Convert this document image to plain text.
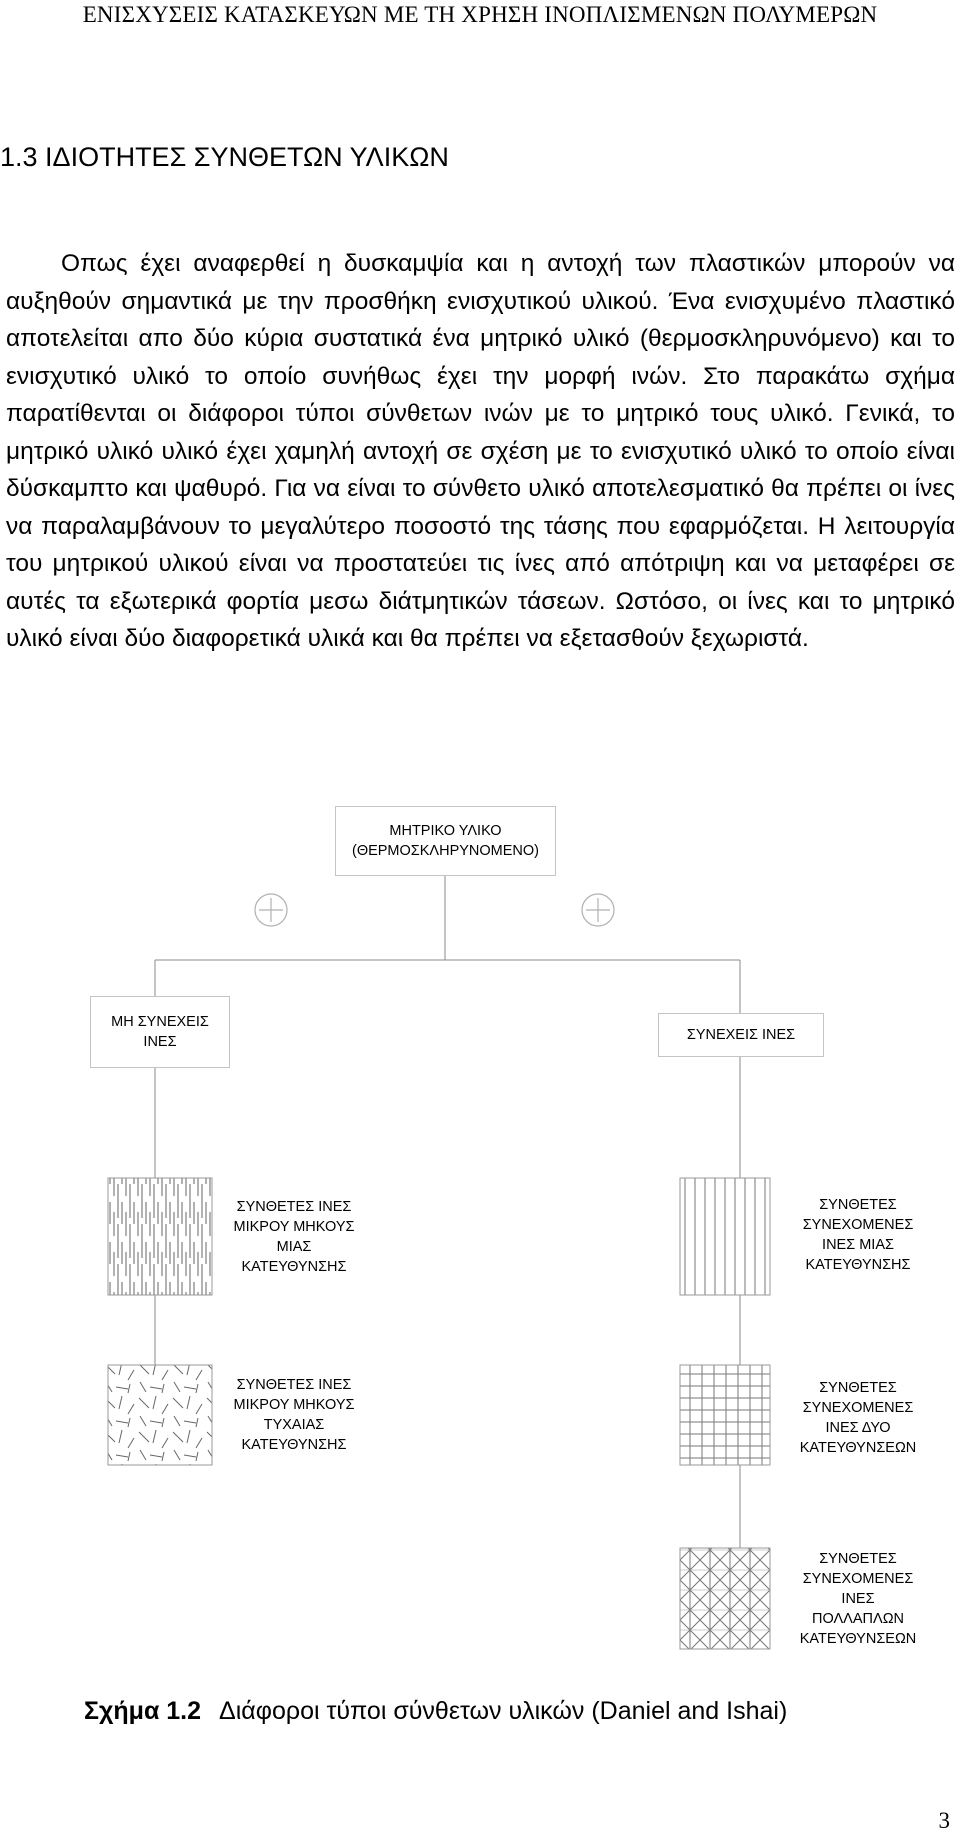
ΕΝΙΣΧΥΣΕΙΣ ΚΑΤΑΣΚΕΥΩΝ ΜΕ ΤΗ ΧΡΗΣΗ ΙΝΟΠΛΙΣΜΕΝΩΝ ΠΟΛΥΜΕΡΩΝ
1.3 ΙΔΙΟΤΗΤΕΣ ΣΥΝΘΕΤΩΝ ΥΛΙΚΩΝ

Οπως έχει αναφερθεί η δυσκαμψία και η αντοχή των πλαστικών μπορούν να αυξηθούν σημαντικά με την προσθήκη ενισχυτικού υλικού. Ένα ενισχυμένο πλαστικό αποτελείται απο δύο κύρια συστατικά ένα μητρικό υλικό (θερμοσκληρυνόμενο) και το ενισχυτικό υλικό το οποίο συνήθως έχει την μορφή ινών. Στο παρακάτω σχήμα παρατίθενται οι διάφοροι τύποι σύνθετων ινών με το μητρικό τους υλικό. Γενικά, το μητρικό υλικό υλικό έχει χαμηλή αντοχή σε σχέση με το ενισχυτικό υλικό το οποίο είναι δύσκαμπτο και ψαθυρό. Για να είναι το σύνθετο υλικό αποτελεσματικό θα πρέπει οι ίνες να παραλαμβάνουν το μεγαλύτερο ποσοστό της τάσης που εφαρμόζεται. Η λειτουργία του μητρικού υλικού είναι να προστατεύει τις ίνες από απότριψη και να μεταφέρει σε αυτές τα εξωτερικά φορτία μεσω διάτμητικών τάσεων. Ωστόσο, οι ίνες και το μητρικό υλικό είναι δύο διαφορετικά υλικά και θα πρέπει να εξετασθούν ξεχωριστά.

ΜΗΤΡΙΚΟ ΥΛΙΚΟ
(ΘΕΡΜΟΣΚΛΗΡΥΝΟΜΕΝΟ)
ΜΗ ΣΥΝΕΧΕΙΣ
ΙΝΕΣ	ΣΥΝΕΧΕΙΣ ΙΝΕΣ
ΣΥΝΘΕΤΕΣ ΙΝΕΣ
ΜΙΚΡΟΥ ΜΗΚΟΥΣ
ΜΙΑΣ
ΚΑΤΕΥΘΥΝΣΗΣ
ΣΥΝΘΕΤΕΣ ΙΝΕΣ
ΜΙΚΡΟΥ ΜΗΚΟΥΣ
ΤΥΧΑΙΑΣ
ΚΑΤΕΥΘΥΝΣΗΣ
ΣΥΝΘΕΤΕΣ
ΣΥΝΕΧΟΜΕΝΕΣ
ΙΝΕΣ ΜΙΑΣ
ΚΑΤΕΥΘΥΝΣΗΣ
ΣΥΝΘΕΤΕΣ
ΣΥΝΕΧΟΜΕΝΕΣ
ΙΝΕΣ ΔΥΟ
ΚΑΤΕΥΘΥΝΣΕΩΝ
ΣΥΝΘΕΤΕΣ
ΣΥΝΕΧΟΜΕΝΕΣ
ΙΝΕΣ
ΠΟΛΛΑΠΛΩΝ
ΚΑΤΕΥΘΥΝΣΕΩΝ
Σχήμα 1.2 Διάφοροι τύποι σύνθετων υλικών (Daniel and Ishai)
3
